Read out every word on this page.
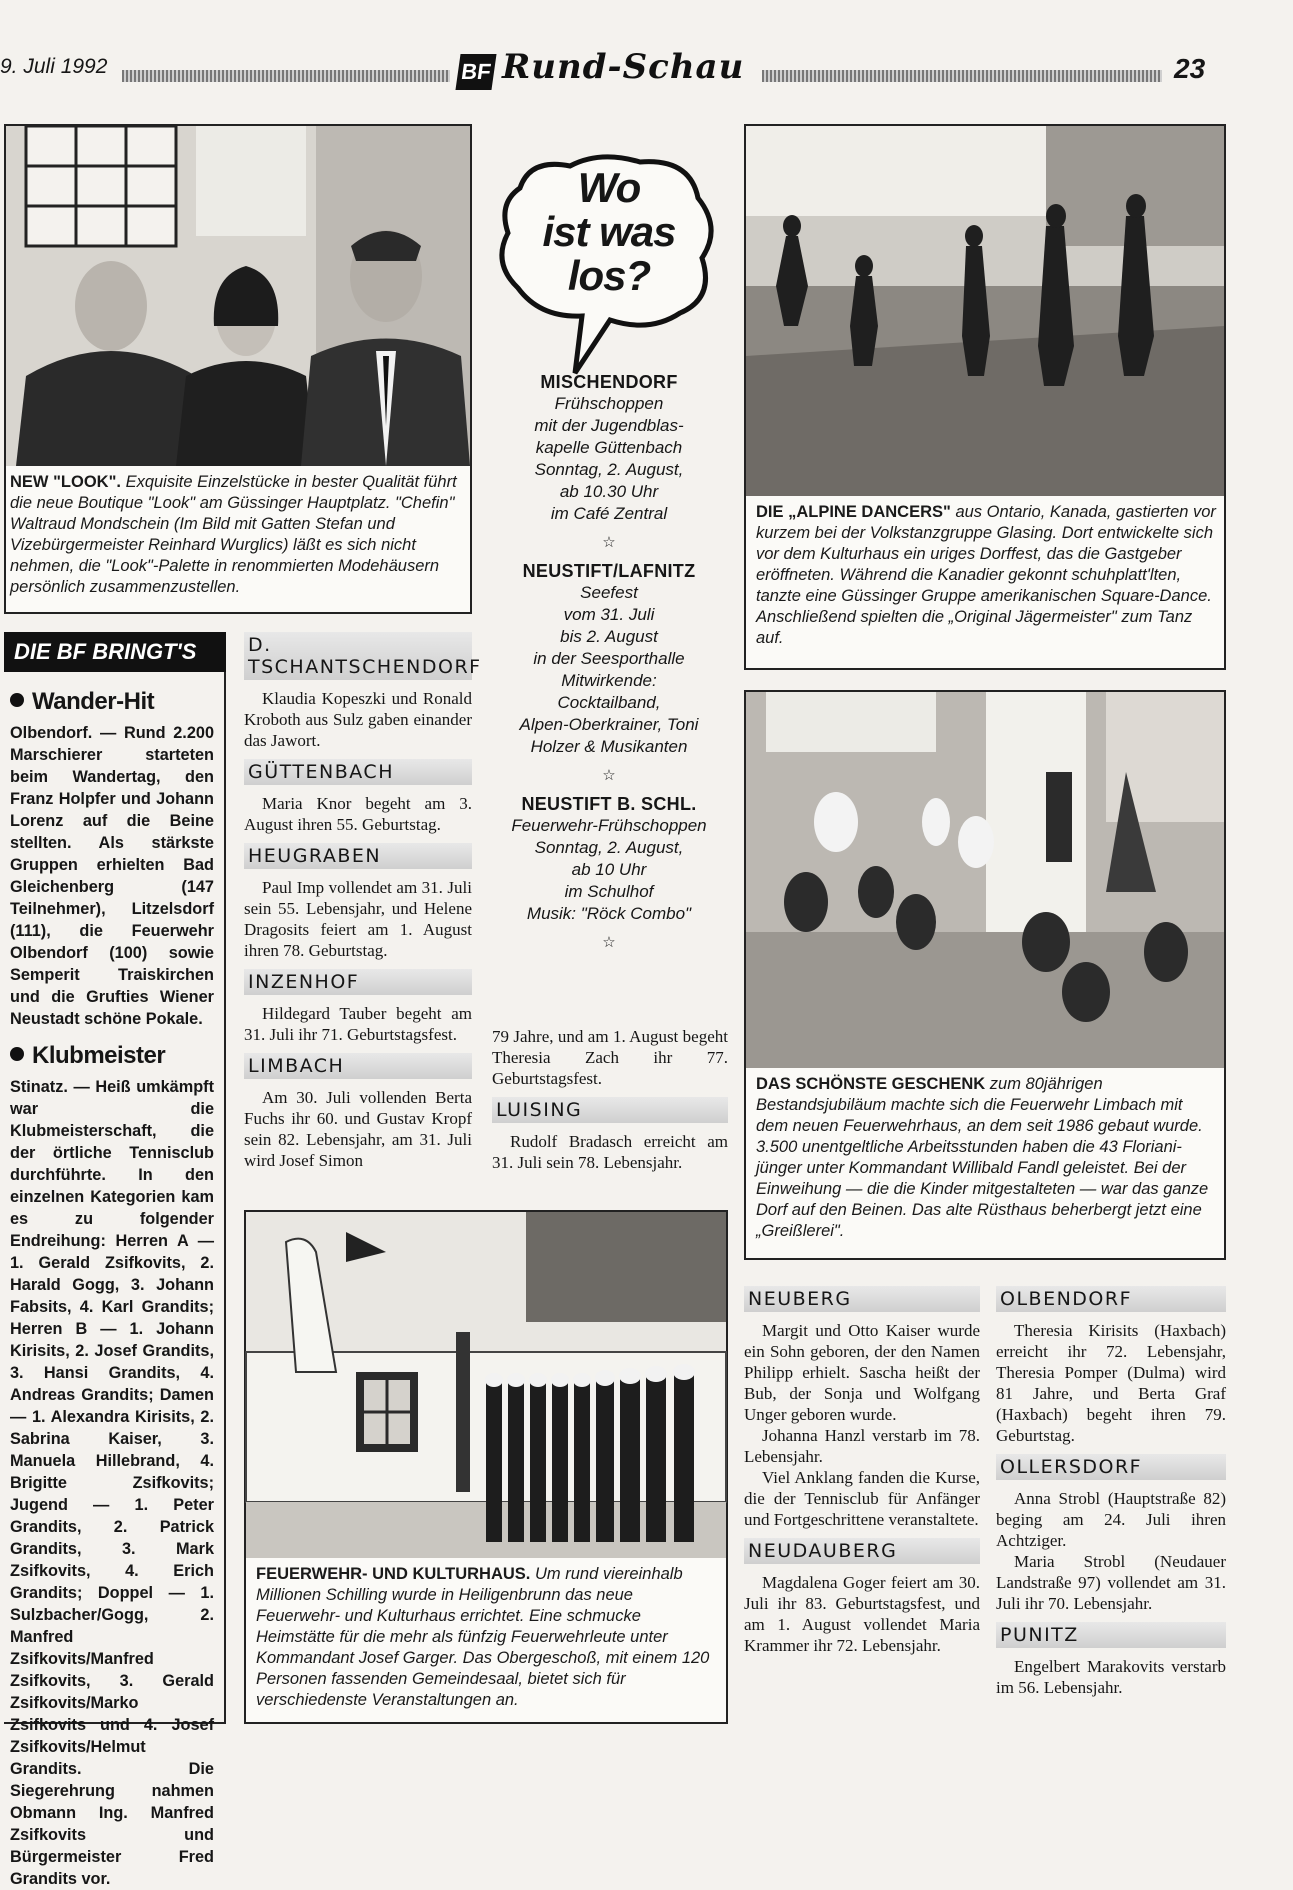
9. Juli 1992	BF Rund-Schau	23
NEW "LOOK". Exquisite Einzelstücke in bester Qualität führt die neue Boutique "Look" am Güssinger Hauptplatz. "Chefin" Waltraud Mondschein (Im Bild mit Gatten Stefan und Vizebürgermeister Reinhard Wurglics) läßt es sich nicht nehmen, die "Look"-Palette in renommierten Modehäusern persönlich zusammenzustellen.
Wo
ist was
los?
MISCHENDORF
Frühschoppen
mit der Jugendblas-
kapelle Güttenbach
Sonntag, 2. August,
ab 10.30 Uhr
im Café Zentral
☆
NEUSTIFT/LAFNITZ
Seefest
vom 31. Juli
bis 2. August
in der Seesporthalle
Mitwirkende:
Cocktailband,
Alpen-Oberkrainer, Toni
Holzer & Musikanten
☆
NEUSTIFT B. SCHL.
Feuerwehr-Frühschoppen
Sonntag, 2. August,
ab 10 Uhr
im Schulhof
Musik: "Röck Combo"
☆
DIE „ALPINE DANCERS" aus Ontario, Kanada, gastierten vor kurzem bei der Volkstanzgruppe Glasing. Dort entwickelte sich vor dem Kulturhaus ein uriges Dorffest, das die Gastgeber eröffneten. Während die Kanadier gekonnt schuhplatt'lten, tanzte eine Güssinger Gruppe amerikanischen Square-Dance. Anschließend spielten die „Original Jägermeister" zum Tanz auf.
DAS SCHÖNSTE GESCHENK zum 80jährigen Bestandsjubiläum machte sich die Feuerwehr Limbach mit dem neuen Feuerwehrhaus, an dem seit 1986 gebaut wurde. 3.500 unentgeltliche Arbeitsstunden haben die 43 Floriani-jünger unter Kommandant Willibald Fandl geleistet. Bei der Einweihung — die die Kinder mitgestalteten — war das ganze Dorf auf den Beinen. Das alte Rüsthaus beherbergt jetzt eine „Greißlerei".
DIE BF BRINGT'S
Wander-Hit
Olbendorf. — Rund 2.200 Marschierer starteten beim Wandertag, den Franz Holpfer und Johann Lorenz auf die Beine stellten. Als stärkste Gruppen erhielten Bad Gleichenberg (147 Teilnehmer), Litzelsdorf (111), die Feuerwehr Olbendorf (100) sowie Semperit Traiskirchen und die Grufties Wiener Neustadt schöne Pokale.
Klubmeister
Stinatz. — Heiß umkämpft war die Klubmeisterschaft, die der örtliche Tennisclub durchführte. In den einzelnen Kategorien kam es zu folgender Endreihung: Herren A — 1. Gerald Zsifkovits, 2. Harald Gogg, 3. Johann Fabsits, 4. Karl Grandits; Herren B — 1. Johann Kirisits, 2. Josef Grandits, 3. Hansi Grandits, 4. Andreas Grandits; Damen — 1. Alexandra Kirisits, 2. Sabrina Kaiser, 3. Manuela Hillebrand, 4. Brigitte Zsifkovits; Jugend — 1. Peter Grandits, 2. Patrick Grandits, 3. Mark Zsifkovits, 4. Erich Grandits; Doppel — 1. Sulzbacher/Gogg, 2. Manfred Zsifkovits/Manfred Zsifkovits, 3. Gerald Zsifkovits/Marko Zsifkovits und 4. Josef Zsifkovits/Helmut Grandits. Die Siegerehrung nahmen Obmann Ing. Manfred Zsifkovits und Bürgermeister Fred Grandits vor.
D. TSCHANTSCHENDORF

Klaudia Kopeszki und Ronald Kroboth aus Sulz gaben einander das Jawort.

GÜTTENBACH

Maria Knor begeht am 3. August ihren 55. Geburtstag.

HEUGRABEN

Paul Imp vollendet am 31. Juli sein 55. Lebensjahr, und Helene Dragosits feiert am 1. August ihren 78. Geburtstag.

INZENHOF

Hildegard Tauber begeht am 31. Juli ihr 71. Geburtstagsfest.

LIMBACH

Am 30. Juli vollenden Berta Fuchs ihr 60. und Gustav Kropf sein 82. Lebensjahr, am 31. Juli wird Josef Simon

79 Jahre, und am 1. August begeht Theresia Zach ihr 77. Geburtstagsfest.

LUISING

Rudolf Bradasch erreicht am 31. Juli sein 78. Lebensjahr.

FEUERWEHR- UND KULTURHAUS. Um rund viereinhalb Millionen Schilling wurde in Heiligenbrunn das neue Feuerwehr- und Kulturhaus errichtet. Eine schmucke Heimstätte für die mehr als fünfzig Feuerwehrleute unter Kommandant Josef Garger. Das Obergeschoß, mit einem 120 Personen fassenden Gemeindesaal, bietet sich für verschiedenste Veranstaltungen an.
NEUBERG

Margit und Otto Kaiser wurde ein Sohn geboren, der den Namen Philipp erhielt. Sascha heißt der Bub, der Sonja und Wolfgang Unger geboren wurde.

Johanna Hanzl verstarb im 78. Lebensjahr.

Viel Anklang fanden die Kurse, die der Tennisclub für Anfänger und Fortgeschrittene veranstaltete.

NEUDAUBERG

Magdalena Goger feiert am 30. Juli ihr 83. Geburtstagsfest, und am 1. August vollendet Maria Krammer ihr 72. Lebensjahr.

OLBENDORF

Theresia Kirisits (Haxbach) erreicht ihr 72. Lebensjahr, Theresia Pomper (Dulma) wird 81 Jahre, und Berta Graf (Haxbach) begeht ihren 79. Geburtstag.

OLLERSDORF

Anna Strobl (Hauptstraße 82) beging am 24. Juli ihren Achtziger.

Maria Strobl (Neudauer Landstraße 97) vollendet am 31. Juli ihr 70. Lebensjahr.

PUNITZ

Engelbert Marakovits verstarb im 56. Lebensjahr.
